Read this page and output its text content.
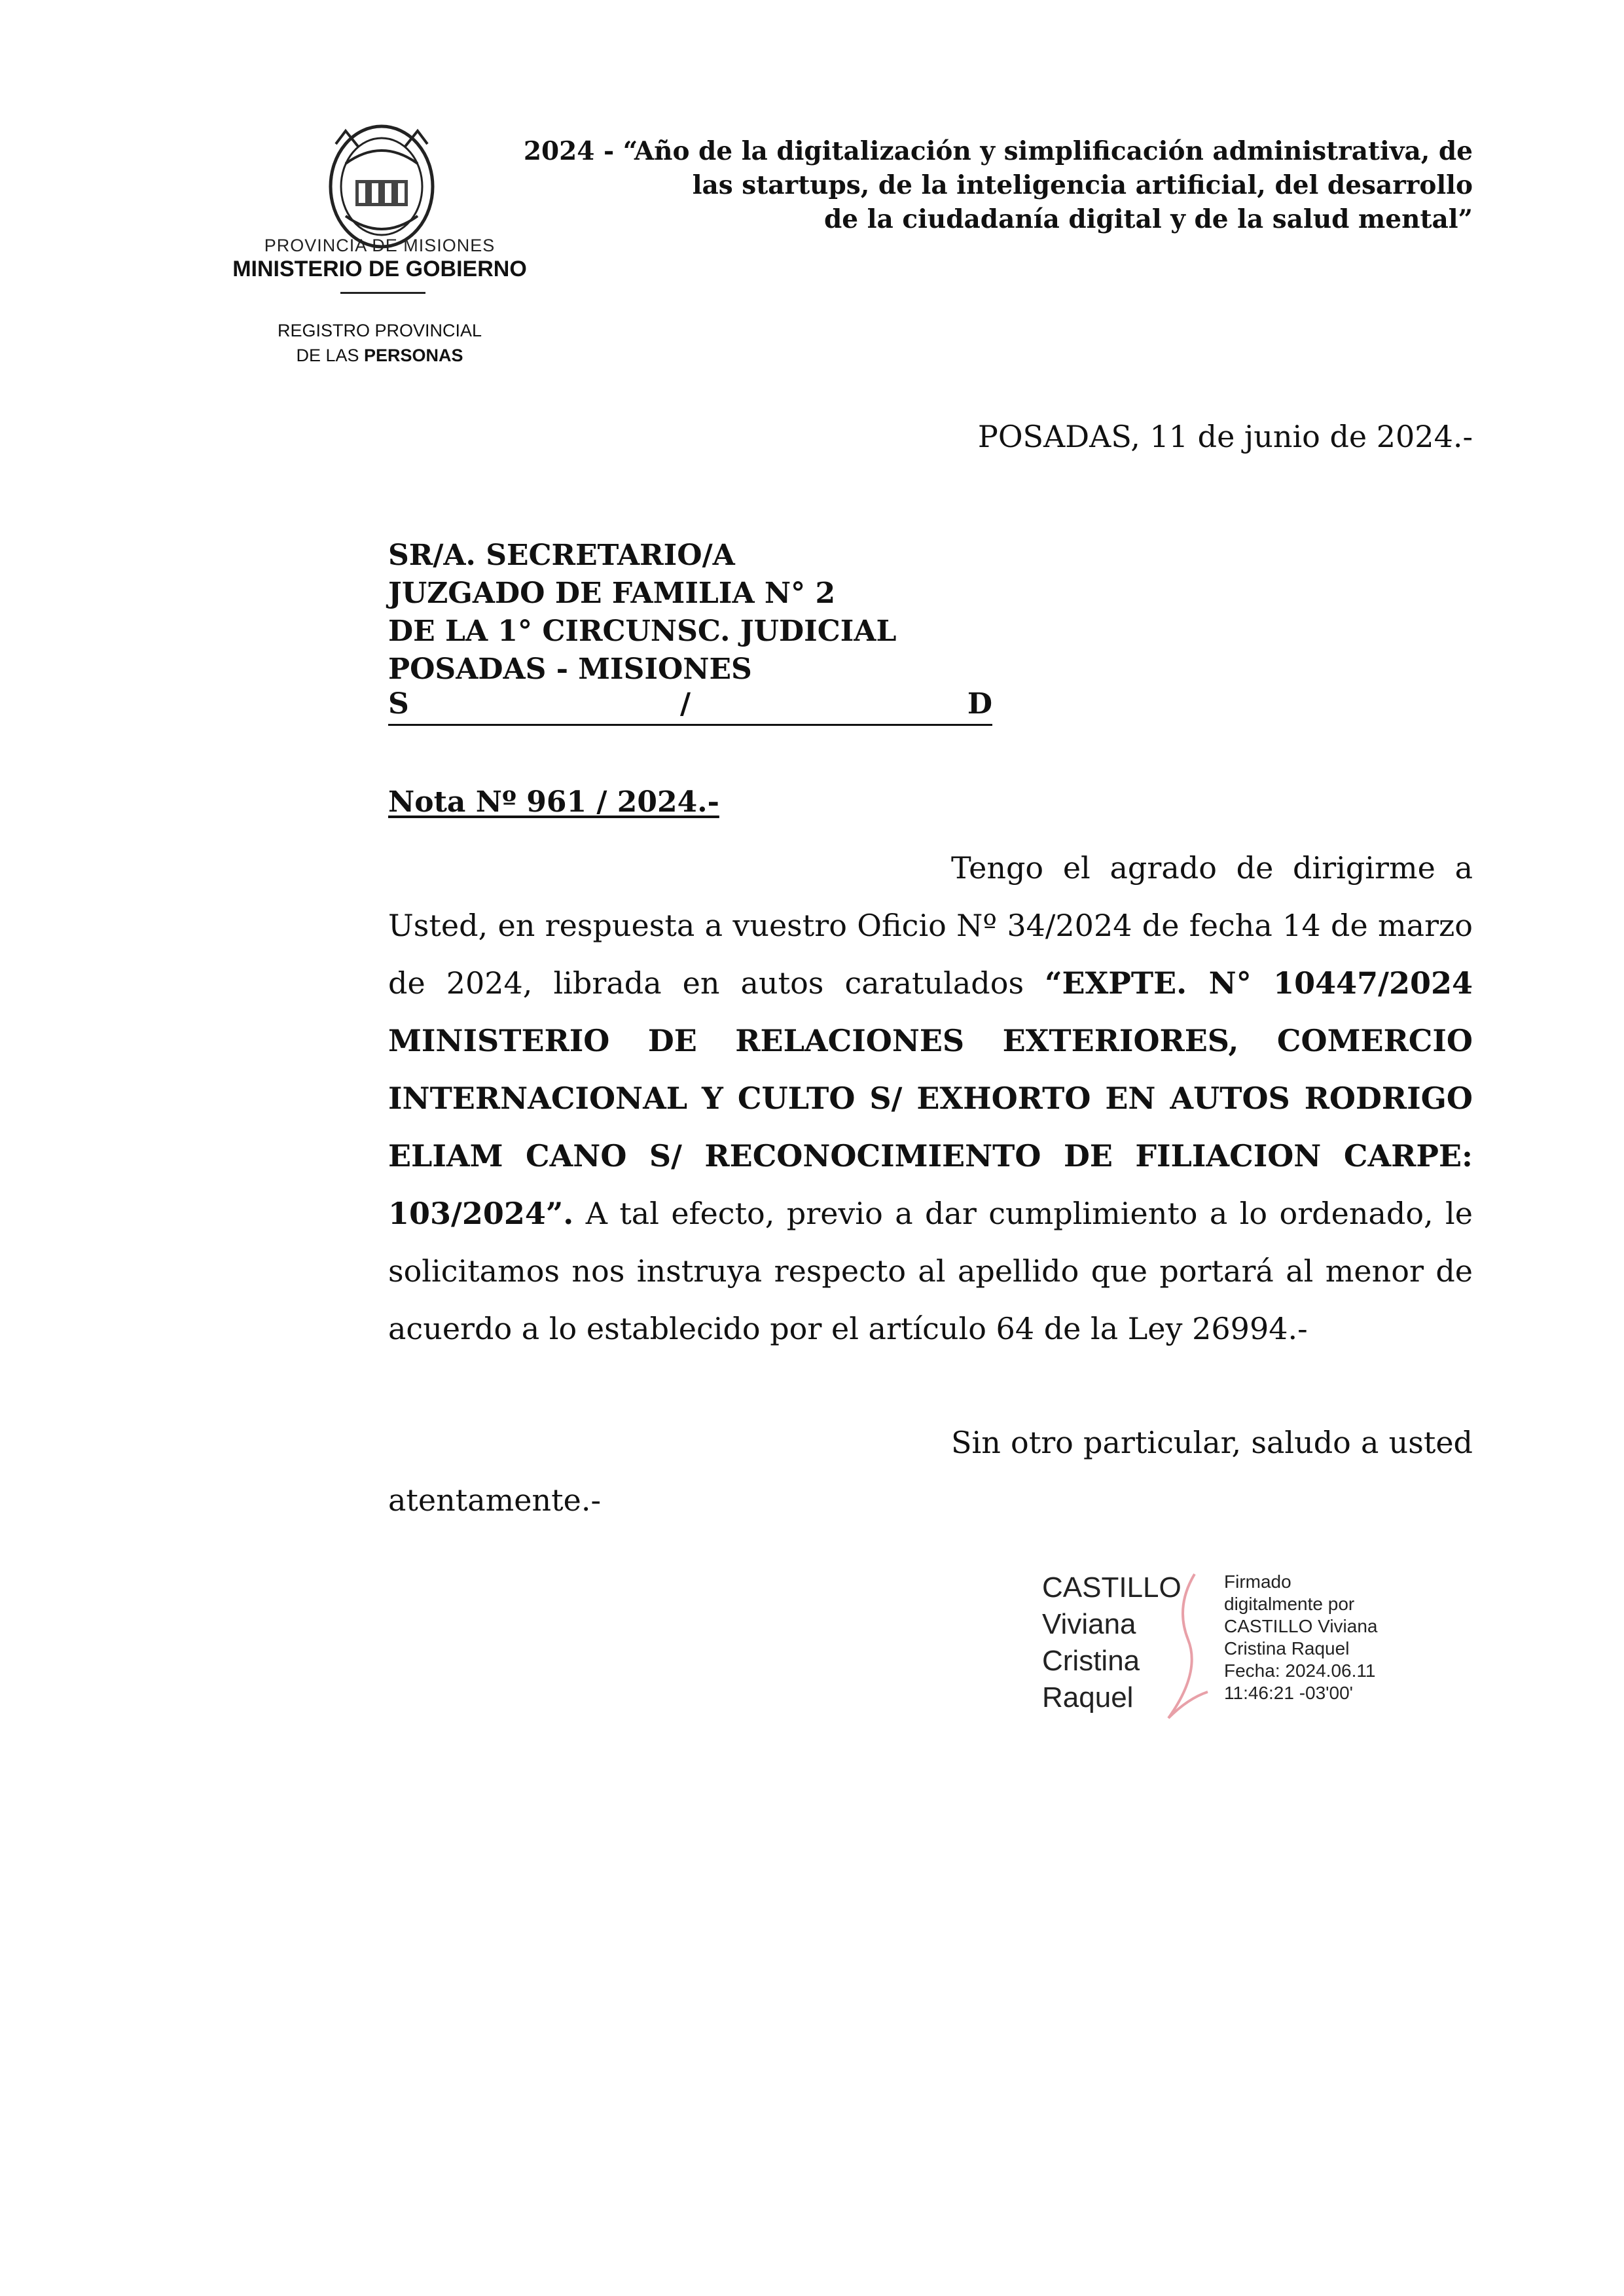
PROVINCIA DE MISIONES
MINISTERIO DE GOBIERNO
REGISTRO PROVINCIAL
DE LAS PERSONAS
2024 - “Año de la digitalización y simplificación administrativa, de
las startups, de la inteligencia artificial, del desarrollo
de la ciudadanía digital y de la salud mental”
POSADAS, 11 de junio de 2024.-
SR/A. SECRETARIO/A
JUZGADO DE FAMILIA N° 2
DE LA 1° CIRCUNSC. JUDICIAL
POSADAS - MISIONES
S	/	D
Nota Nº 961 / 2024.-
Tengo el agrado de dirigirme a Usted, en respuesta a vuestro Oficio Nº 34/2024 de fecha 14 de marzo de 2024, librada en autos caratulados “EXPTE. N° 10447/2024 MINISTERIO DE RELACIONES EXTERIORES, COMERCIO INTERNACIONAL Y CULTO S/ EXHORTO EN AUTOS RODRIGO ELIAM CANO S/ RECONOCIMIENTO DE FILIACION CARPE: 103/2024”. A tal efecto, previo a dar cumplimiento a lo ordenado, le solicitamos nos instruya respecto al apellido que portará al menor de acuerdo a lo establecido por el artículo 64 de la Ley 26994.-
Sin otro particular, saludo a usted atentamente.-
CASTILLO
Viviana
Cristina
Raquel
Firmado
digitalmente por
CASTILLO Viviana
Cristina Raquel
Fecha: 2024.06.11
11:46:21 -03'00'
